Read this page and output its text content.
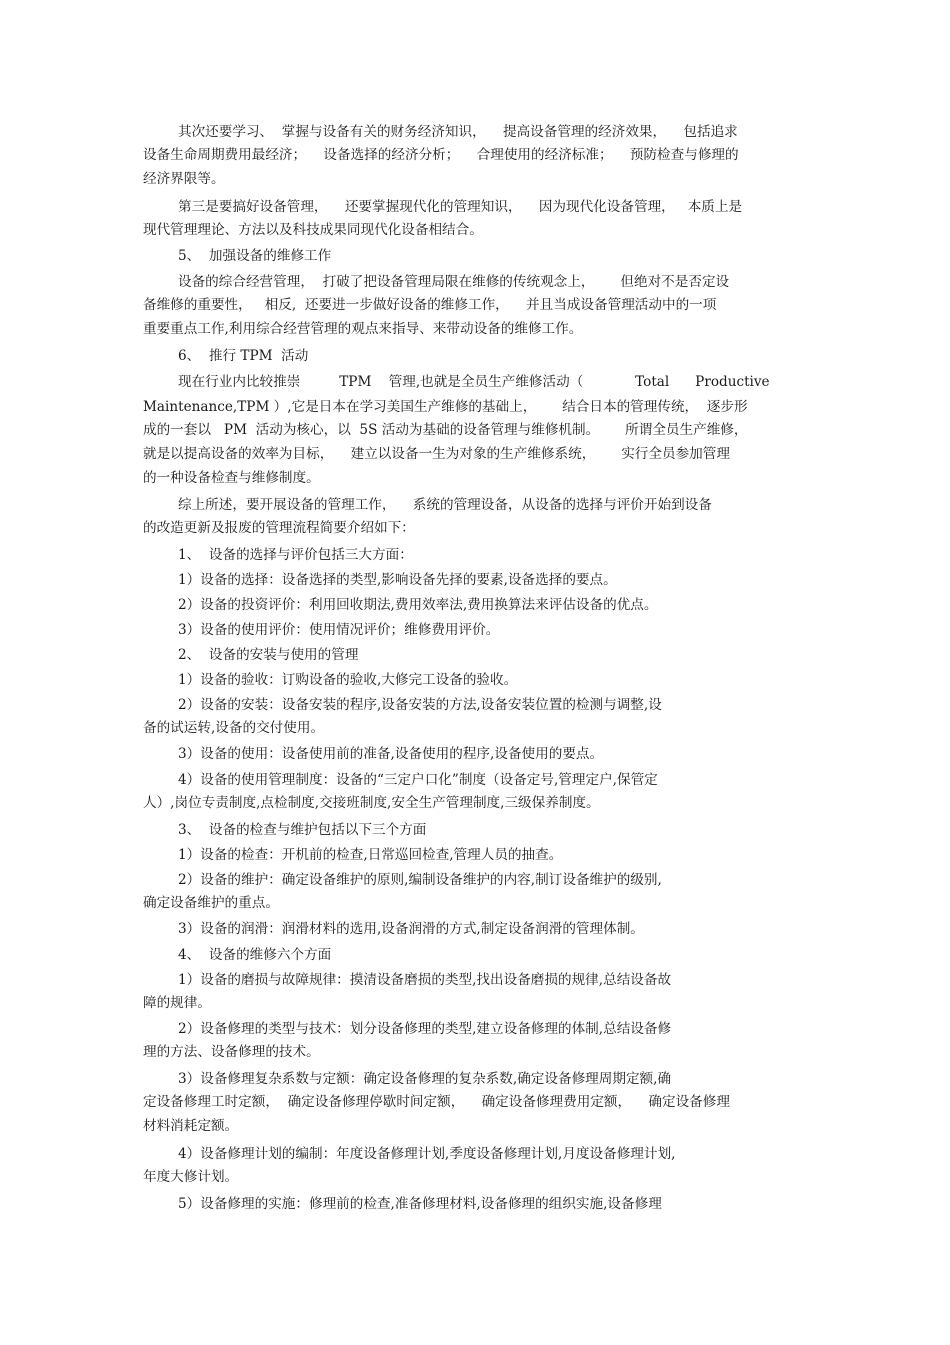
其次还要学习、  掌握与设备有关的财务经济知识，    提高设备管理的经济效果，    包括追求

设备生命周期费用最经济；    设备选择的经济分析；    合理使用的经济标准；    预防检查与修理的

经济界限等。

第三是要搞好设备管理，    还要掌握现代化的管理知识，    因为现代化设备管理，   本质上是

现代管理理论、方法以及科技成果同现代化设备相结合。

5、  加强设备的维修工作

设备的综合经营管理，  打破了把设备管理局限在维修的传统观念上，      但绝对不是否定设

备维修的重要性，   相反,  还要进一步做好设备的维修工作，    并且当成设备管理活动中的一项

重要重点工作,利用综合经营管理的观点来指导、来带动设备的维修工作。

6、  推行 TPM  活动

现在行业内比较推崇         TPM    管理,也就是全员生产维修活动（            Total      Productive

Maintenance,TPM ）,它是日本在学习美国生产维修的基础上，      结合日本的管理传统，  逐步形

成的一套以   PM  活动为核心，以  5S 活动为基础的设备管理与维修机制。      所谓全员生产维修，

就是以提高设备的效率为目标，    建立以设备一生为对象的生产维修系统，      实行全员参加管理

的一种设备检查与维修制度。

综上所述，要开展设备的管理工作，    系统的管理设备，从设备的选择与评价开始到设备

的改造更新及报废的管理流程简要介绍如下：

1、  设备的选择与评价包括三大方面：

1）设备的选择：设备选择的类型,影响设备先择的要素,设备选择的要点。

2）设备的投资评价：利用回收期法,费用效率法,费用换算法来评估设备的优点。

3）设备的使用评价：使用情况评价；维修费用评价。

2、  设备的安装与使用的管理

1）设备的验收：订购设备的验收,大修完工设备的验收。

2）设备的安装：设备安装的程序,设备安装的方法,设备安装位置的检测与调整,设

备的试运转,设备的交付使用。

3）设备的使用：设备使用前的准备,设备使用的程序,设备使用的要点。

4）设备的使用管理制度：设备的“三定户口化”制度（设备定号,管理定户,保管定

人）,岗位专责制度,点检制度,交接班制度,安全生产管理制度,三级保养制度。

3、  设备的检查与维护包括以下三个方面

1）设备的检查：开机前的检查,日常巡回检查,管理人员的抽查。

2）设备的维护：确定设备维护的原则,编制设备维护的内容,制订设备维护的级别,

确定设备维护的重点。

3）设备的润滑：润滑材料的选用,设备润滑的方式,制定设备润滑的管理体制。

4、  设备的维修六个方面

1）设备的磨损与故障规律：摸清设备磨损的类型,找出设备磨损的规律,总结设备故

障的规律。

2）设备修理的类型与技术：划分设备修理的类型,建立设备修理的体制,总结设备修

理的方法、设备修理的技术。

3）设备修理复杂系数与定额：确定设备修理的复杂系数,确定设备修理周期定额,确

定设备修理工时定额，  确定设备修理停歇时间定额，    确定设备修理费用定额，    确定设备修理

材料消耗定额。

4）设备修理计划的编制：年度设备修理计划,季度设备修理计划,月度设备修理计划,

年度大修计划。

5）设备修理的实施：修理前的检查,准备修理材料,设备修理的组织实施,设备修理
